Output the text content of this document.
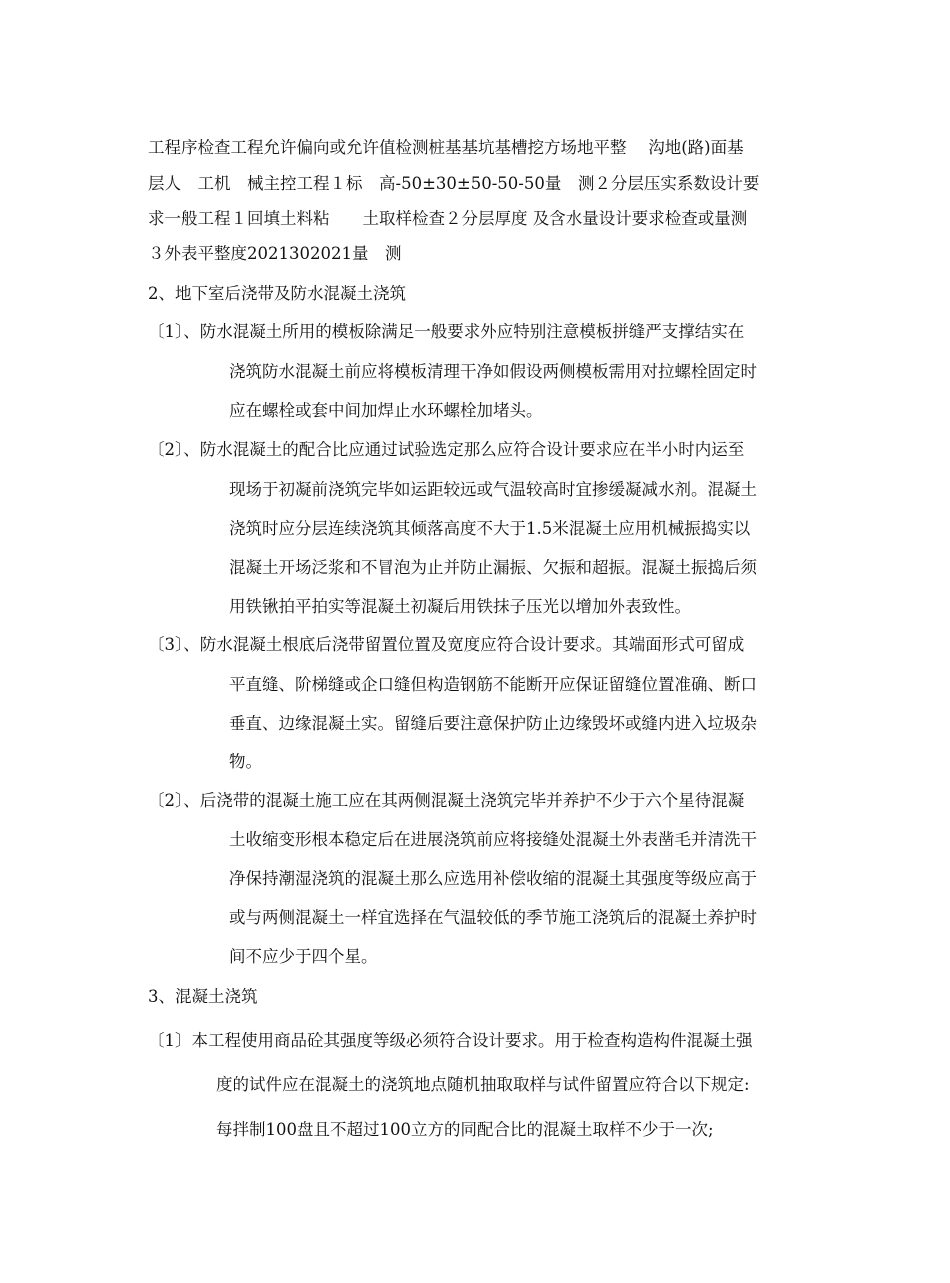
工程序检查工程允许偏向或允许值检测桩基基坑基槽挖方场地平整　 沟地(路)面基
层人　工机　械主控工程１标　高-50±30±50-50-50量　测２分层压实系数设计要
求一般工程１回填土料粘　　土取样检查２分层厚度 及含水量设计要求检查或量测
３外表平整度2021302021量　测
2、地下室后浇带及防水混凝土浇筑
〔1〕、防水混凝土所用的模板除满足一般要求外应特别注意模板拼缝严支撑结实在
浇筑防水混凝土前应将模板清理干净如假设两侧模板需用对拉螺栓固定时
应在螺栓或套中间加焊止水环螺栓加堵头。
〔2〕、防水混凝土的配合比应通过试验选定那么应符合设计要求应在半小时内运至
现场于初凝前浇筑完毕如运距较远或气温较高时宜掺缓凝减水剂。混凝土
浇筑时应分层连续浇筑其倾落高度不大于1.5米混凝土应用机械振捣实以
混凝土开场泛浆和不冒泡为止并防止漏振、欠振和超振。混凝土振捣后须
用铁锹拍平拍实等混凝土初凝后用铁抹子压光以增加外表致性。
〔3〕、防水混凝土根底后浇带留置位置及宽度应符合设计要求。其端面形式可留成
平直缝、阶梯缝或企口缝但构造钢筋不能断开应保证留缝位置准确、断口
垂直、边缘混凝土实。留缝后要注意保护防止边缘毁坏或缝内进入垃圾杂
物。
〔2〕、后浇带的混凝土施工应在其两侧混凝土浇筑完毕并养护不少于六个星待混凝
土收缩变形根本稳定后在进展浇筑前应将接缝处混凝土外表凿毛并清洗干
净保持潮湿浇筑的混凝土那么应选用补偿收缩的混凝土其强度等级应高于
或与两侧混凝土一样宜选择在气温较低的季节施工浇筑后的混凝土养护时
间不应少于四个星。
3、混凝土浇筑
〔1〕本工程使用商品砼其强度等级必须符合设计要求。用于检查构造构件混凝土强
度的试件应在混凝土的浇筑地点随机抽取取样与试件留置应符合以下规定:
每拌制100盘且不超过100立方的同配合比的混凝土取样不少于一次;
